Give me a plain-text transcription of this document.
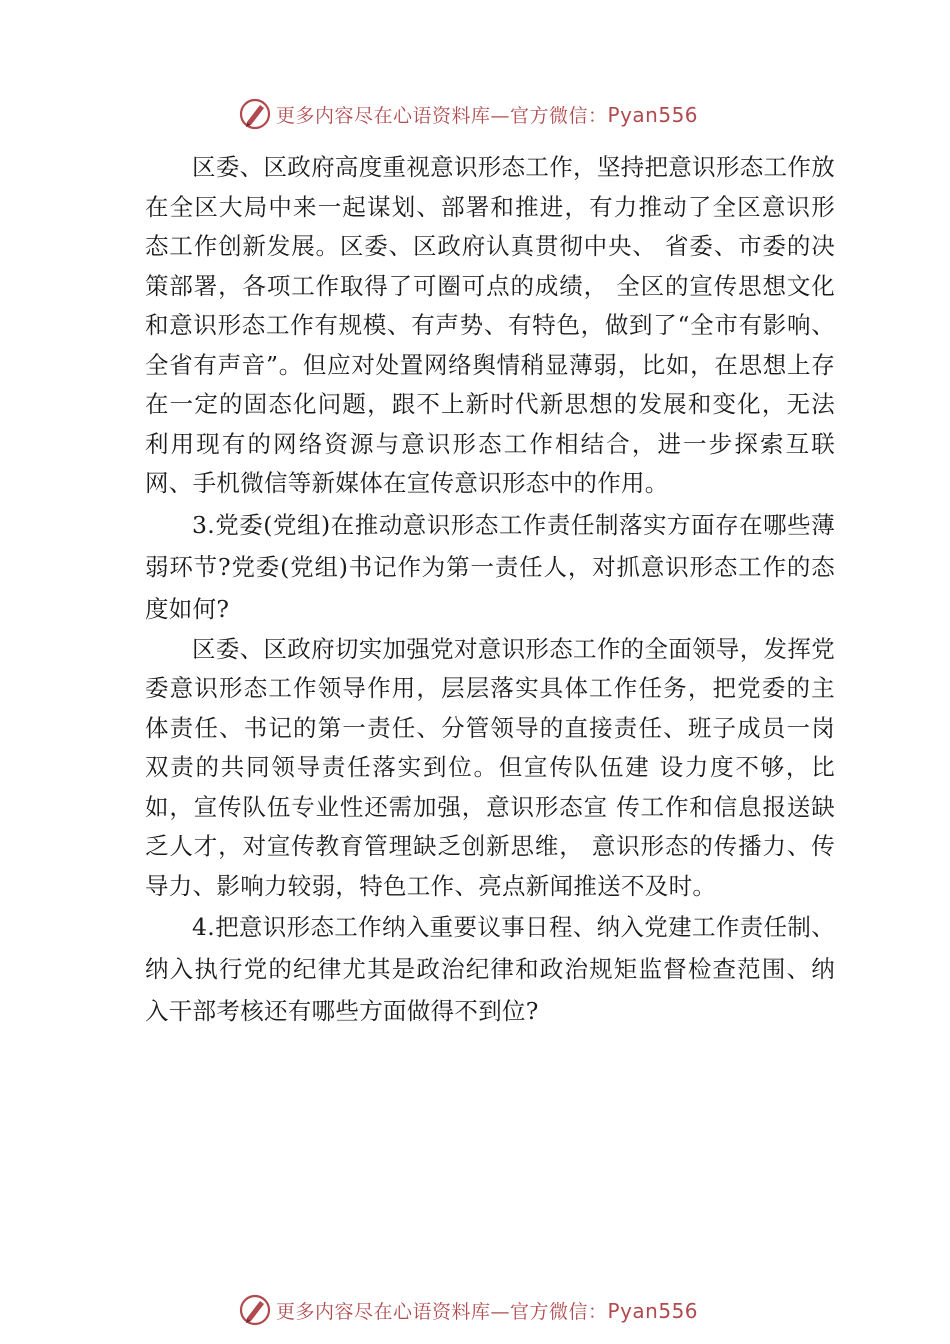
更多内容尽在心语资料库—官方微信：Pyan556

区委、区政府高度重视意识形态工作，坚持把意识形态工作放在全区大局中来一起谋划、部署和推进，有力推动了全区意识形态工作创新发展。区委、区政府认真贯彻中央、 省委、市委的决策部署，各项工作取得了可圈可点的成绩， 全区的宣传思想文化和意识形态工作有规模、有声势、有特色，做到了“全市有影响、全省有声音”。但应对处置网络舆情稍显薄弱，比如，在思想上存在一定的固态化问题，跟不上新时代新思想的发展和变化，无法利用现有的网络资源与意识形态工作相结合，进一步探索互联网、手机微信等新媒体在宣传意识形态中的作用。

3.党委(党组)在推动意识形态工作责任制落实方面存在哪些薄弱环节?党委(党组)书记作为第一责任人，对抓意识形态工作的态度如何?

区委、区政府切实加强党对意识形态工作的全面领导，发挥党委意识形态工作领导作用，层层落实具体工作任务，把党委的主体责任、书记的第一责任、分管领导的直接责任、班子成员一岗双责的共同领导责任落实到位。但宣传队伍建 设力度不够，比如，宣传队伍专业性还需加强，意识形态宣 传工作和信息报送缺乏人才，对宣传教育管理缺乏创新思维， 意识形态的传播力、传导力、影响力较弱，特色工作、亮点新闻推送不及时。

4.把意识形态工作纳入重要议事日程、纳入党建工作责任制、纳入执行党的纪律尤其是政治纪律和政治规矩监督检查范围、纳入干部考核还有哪些方面做得不到位?

更多内容尽在心语资料库—官方微信：Pyan556
